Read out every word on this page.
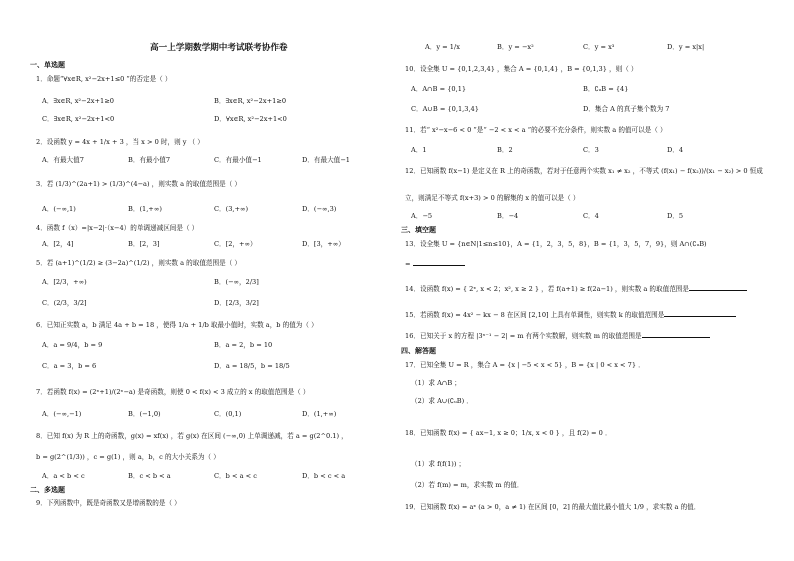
高一上学期数学期中考试联考协作卷
一、单选题
1．命题“∀x∈R, x²−2x+1≤0 ”的否定是（ ）
A．∃x∈R, x²−2x+1≥0	B．∃x∈R, x²−2x+1≥0
C．∃x∈R, x²−2x+1<0	D．∀x∈R, x²−2x+1<0
2．设函数 y = 4x + 1/x + 3 ，当 x > 0 时，则 y （ ）
A．有最大值7	B．有最小值7	C．有最小值−1	D．有最大值−1
3．若 (1/3)^(2a+1) > (1/3)^(4−a) ，则实数 a 的取值范围是（ ）
A．(−∞,1)	B．(1,+∞)	C．(3,+∞)	D．(−∞,3)
4．函数 f（x）=|x−2|·（x−4）的单调递减区间是（ ）
A．[2，4]	B．[2，3]	C．[2，+∞）	D．[3，+∞）
5．若 (a+1)^(1/2) ≥ (3−2a)^(1/2) ，则实数 a 的取值范围是（ ）
A．[2/3，+∞)	B．(−∞，2/3]
C．(2/3，3/2]	D．[2/3，3/2]
6．已知正实数 a，b 满足 4a + b = 18 ，使得 1/a + 1/b 取最小值时，实数 a，b 的值为（ ）
A．a = 9/4，b = 9	B．a = 2，b = 10
C．a = 3，b = 6	D．a = 18/5，b = 18/5
7．若函数 f(x) = (2ˣ+1)/(2ˣ−a) 是奇函数，则使 0 < f(x) < 3 成立的 x 的取值范围是（ ）
A．(−∞,−1)	B．(−1,0)	C．(0,1)	D．(1,+∞)
8．已知 f(x) 为 R 上的奇函数，g(x) = xf(x) ，若 g(x) 在区间 (−∞,0) 上单调递减，若 a = g(2^0.1) ，
b = g(2^(1/3)) ，c = g(1) ，则 a，b，c 的大小关系为（ ）
A．a < b < c	B．c < b < a	C．b < a < c	D．b < c < a
二、多选题
9．下列函数中，既是奇函数又是增函数的是（ ）
A．y = 1/x	B．y = −x²	C．y = x³	D．y = x|x|
10．设全集 U = {0,1,2,3,4} ，集合 A = {0,1,4} ，B = {0,1,3} ，则（ ）
A．A∩B = {0,1}	B．∁ᵤB = {4}
C．A∪B = {0,1,3,4}	D．集合 A 的真子集个数为 7
11．若“ x²−x−6 < 0 ”是“ −2 < x < a ”的必要不充分条件，则实数 a 的值可以是（ ）
A．1	B．2	C．3	D．4
12．已知函数 f(x−1) 是定义在 R 上的奇函数，若对于任意两个实数 x₁ ≠ x₂ ，不等式 (f(x₁) − f(x₂))/(x₁ − x₂) > 0 恒成
立，则满足不等式 f(x+3) > 0 的解集的 x 的值可以是（ ）
A．−5	B．−4	C．4	D．5
三、填空题
13．设全集 U = {n∈N|1≤n≤10}，A = {1，2，3，5，8}，B = {1，3，5，7，9}，则 A∩(∁ᵤB)
=
14．设函数 f(x) = { 2ˣ, x < 2；x², x ≥ 2 } ，若 f(a+1) ≥ f(2a−1) ，则实数 a 的取值范围是
15．若函数 f(x) = 4x² − kx − 8 在区间 [2,10] 上具有单调性，则实数 k 的取值范围是
16．已知关于 x 的方程 |3ˣ⁻¹ − 2| = m 有两个实数解，则实数 m 的取值范围是
四、解答题
17．已知全集 U = R ，集合 A = {x | −5 < x < 5} ，B = {x | 0 < x < 7} ．
（1）求 A∩B ；
（2）求 A∪(∁ᵤB) ．
18．已知函数 f(x) = { ax−1, x ≥ 0；1/x, x < 0 } ，且 f(2) = 0 ．
（1）求 f(f(1)) ；
（2）若 f(m) = m，求实数 m 的值．
19．已知函数 f(x) = aˣ (a > 0，a ≠ 1) 在区间 [0，2] 的最大值比最小值大 1/9 ，求实数 a 的值．
